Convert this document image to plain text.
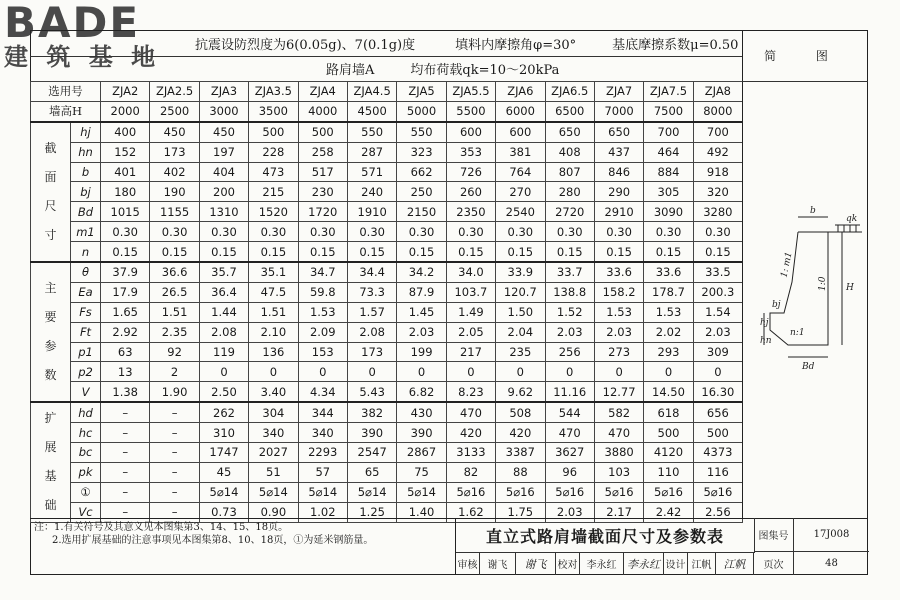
BADE
建 筑 基 地	抗震设防烈度为6(0.05g)、7(0.1g)度	填料内摩擦角φ=30°	基底摩擦系数μ=0.50
路肩墙A	均布荷载qk=10～20kPa
选用号		ZJA2	ZJA2.5	ZJA3	ZJA3.5	ZJA4	ZJA4.5	ZJA5	ZJA5.5	ZJA6	ZJA6.5	ZJA7	ZJA7.5	ZJA8
墙高H		2000	2500	3000	3500	4000	4500	5000	5500	6000	6500	7000	7500	8000

截
面
尺
寸	hj	400	450	450	500	500	550	550	600	600	650	650	700	700
	hn	152	173	197	228	258	287	323	353	381	408	437	464	492
	b	401	402	404	473	517	571	662	726	764	807	846	884	918
	bj	180	190	200	215	230	240	250	260	270	280	290	305	320
	Bd	1015	1155	1310	1520	1720	1910	2150	2350	2540	2720	2910	3090	3280
	m1	0.30	0.30	0.30	0.30	0.30	0.30	0.30	0.30	0.30	0.30	0.30	0.30	0.30
	n	0.15	0.15	0.15	0.15	0.15	0.15	0.15	0.15	0.15	0.15	0.15	0.15	0.15

主
要
参
数	θ	37.9	36.6	35.7	35.1	34.7	34.4	34.2	34.0	33.9	33.7	33.6	33.6	33.5
	Ea	17.9	26.5	36.4	47.5	59.8	73.3	87.9	103.7	120.7	138.8	158.2	178.7	200.3
	Fs	1.65	1.51	1.44	1.51	1.53	1.57	1.45	1.49	1.50	1.52	1.53	1.53	1.54
	Ft	2.92	2.35	2.08	2.10	2.09	2.08	2.03	2.05	2.04	2.03	2.03	2.02	2.03
	p1	63	92	119	136	153	173	199	217	235	256	273	293	309
	p2	13	2	0	0	0	0	0	0	0	0	0	0	0
	V	1.38	1.90	2.50	3.40	4.34	5.43	6.82	8.23	9.62	11.16	12.77	14.50	16.30

扩
展
基
础	hd	–	–	262	304	344	382	430	470	508	544	582	618	656
	hc	–	–	310	340	340	390	390	420	420	470	470	500	500
	bc	–	–	1747	2027	2293	2547	2867	3133	3387	3627	3880	4120	4373
	pk	–	–	45	51	57	65	75	82	88	96	103	110	116
	①	–	–	5⌀14	5⌀14	5⌀14	5⌀14	5⌀14	5⌀16	5⌀16	5⌀16	5⌀16	5⌀16	5⌀16
	Vc	–	–	0.73	0.90	1.02	1.25	1.40	1.62	1.75	2.03	2.17	2.42	2.56
简 图
b
qk
1: m1
1:0 H
bj
hj
hn
n:1
Bd
注：1.有关符号及其意义见本图集第3、14、15、18页。
2.选用扩展基础的注意事项见本图集第8、10、18页，①为延米钢筋量。	直立式路肩墙截面尺寸及参数表	图集号	17J008
审核	谢飞	谢飞	校对 李永红 李永红 设计 江帆	江帆	页次	48
